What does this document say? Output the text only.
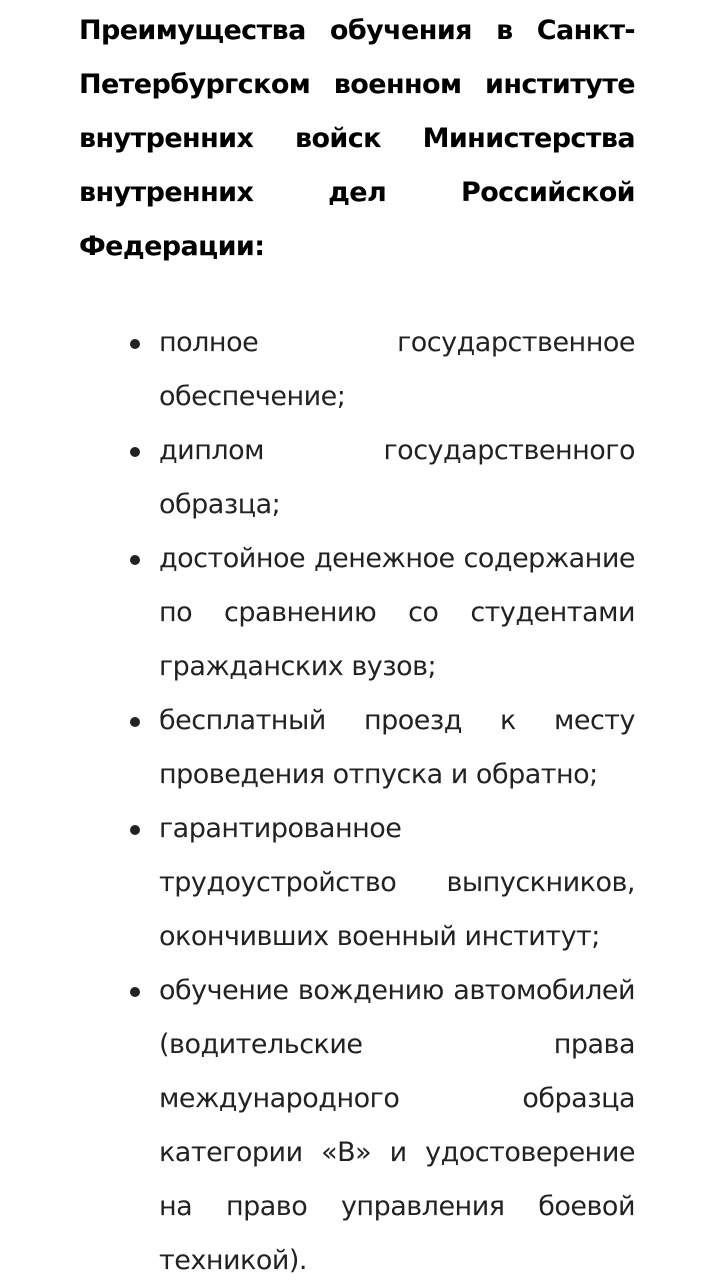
Преимущества обучения в Санкт-Петербургском военном институте внутренних войск Министерства внутренних дел Российской Федерации:
полное государственное обеспечение;
диплом государственного образца;
достойное денежное содержание по сравнению со студентами гражданских вузов;
бесплатный проезд к месту проведения отпуска и обратно;
гарантированное трудоустройство выпускников, окончивших военный институт;
обучение вождению автомобилей (водительские права международного образца категории «В» и удостоверение на право управления боевой техникой).
